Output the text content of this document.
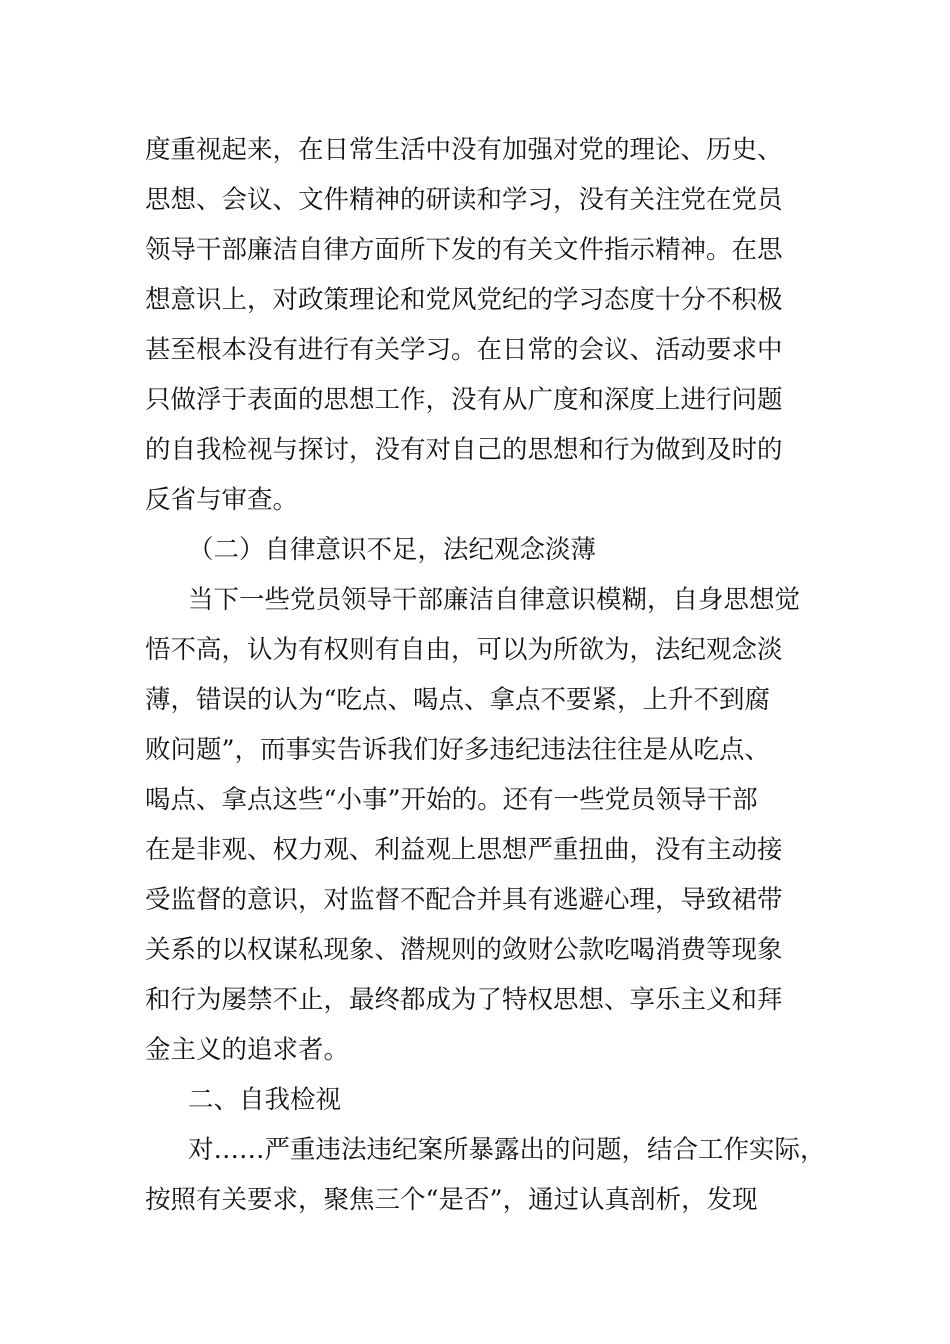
度重视起来，在日常生活中没有加强对党的理论、历史、
思想、会议、文件精神的研读和学习，没有关注党在党员
领导干部廉洁自律方面所下发的有关文件指示精神。在思
想意识上，对政策理论和党风党纪的学习态度十分不积极
甚至根本没有进行有关学习。在日常的会议、活动要求中
只做浮于表面的思想工作，没有从广度和深度上进行问题
的自我检视与探讨，没有对自己的思想和行为做到及时的
反省与审查。
（二）自律意识不足，法纪观念淡薄
当下一些党员领导干部廉洁自律意识模糊，自身思想觉
悟不高，认为有权则有自由，可以为所欲为，法纪观念淡
薄，错误的认为“吃点、喝点、拿点不要紧，上升不到腐
败问题”，而事实告诉我们好多违纪违法往往是从吃点、
喝点、拿点这些“小事”开始的。还有一些党员领导干部
在是非观、权力观、利益观上思想严重扭曲，没有主动接
受监督的意识，对监督不配合并具有逃避心理，导致裙带
关系的以权谋私现象、潜规则的敛财公款吃喝消费等现象
和行为屡禁不止，最终都成为了特权思想、享乐主义和拜
金主义的追求者。
二、自我检视
对……严重违法违纪案所暴露出的问题，结合工作实际，
按照有关要求，聚焦三个“是否”，通过认真剖析，发现
